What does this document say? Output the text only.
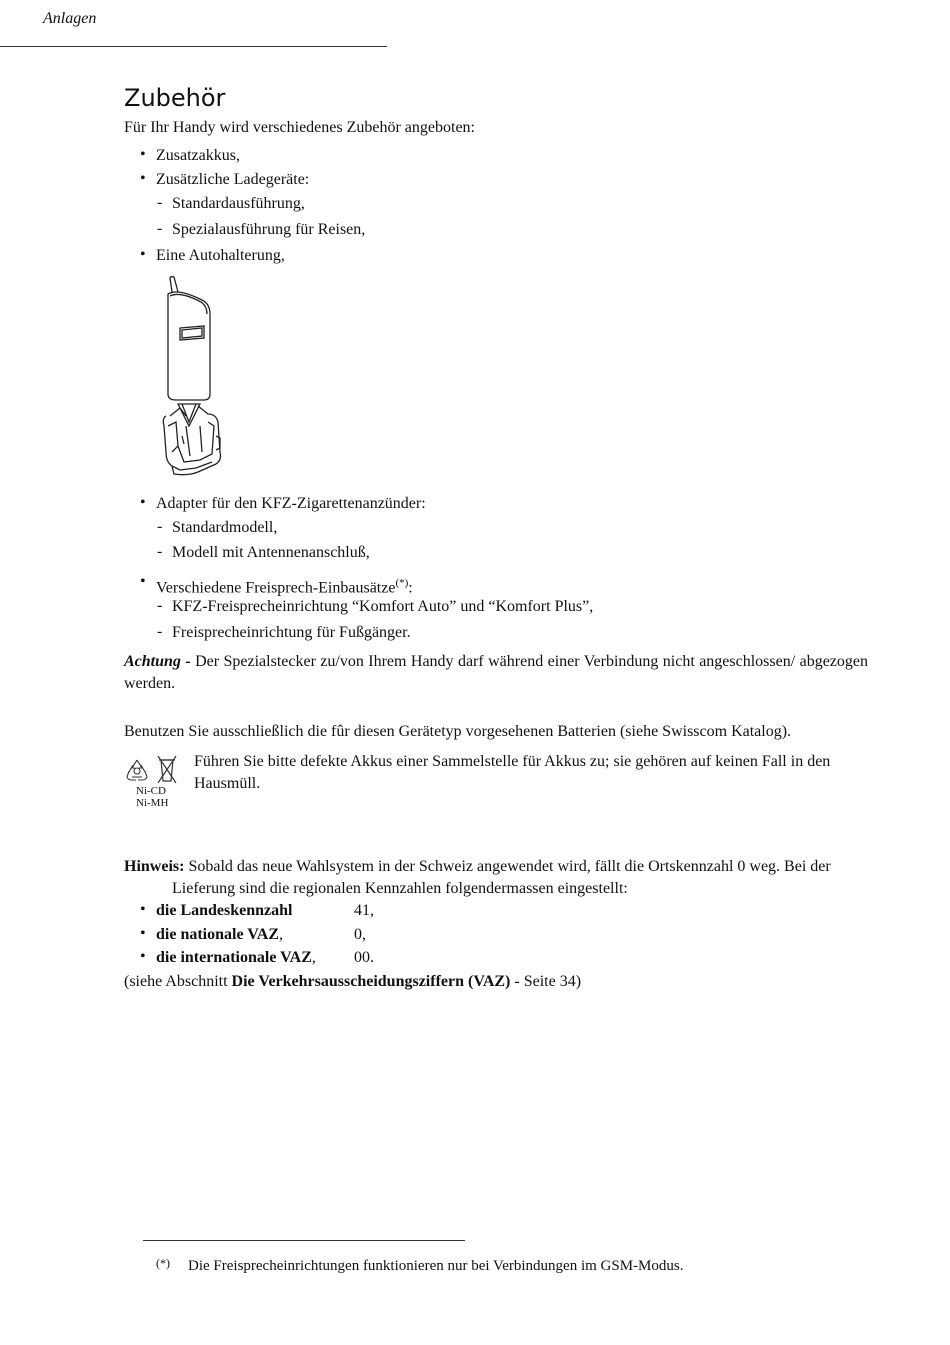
Anlagen
Zubehör
Für Ihr Handy wird verschiedenes Zubehör angeboten:
• Zusatzakkus,
• Zusätzliche Ladegeräte:
- Standardausführung,
- Spezialausführung für Reisen,
• Eine Autohalterung,
• Adapter für den KFZ-Zigarettenanzünder:
- Standardmodell,
- Modell mit Antennenanschluß,
• Verschiedene Freisprech-Einbausätze(*):
- KFZ-Freisprecheinrichtung “Komfort Auto” und “Komfort Plus”,
- Freisprecheinrichtung für Fußgänger.
Achtung - Der Spezialstecker zu/von Ihrem Handy darf während einer Verbindung nicht angeschlossen/ abgezogen werden.
Benutzen Sie ausschließlich die fûr diesen Gerätetyp vorgesehenen Batterien (siehe Swisscom Katalog).
Ni-CD
Ni-MH
Führen Sie bitte defekte Akkus einer Sammelstelle für Akkus zu; sie gehören auf keinen Fall in den Hausmüll.
Hinweis: Sobald das neue Wahlsystem in der Schweiz angewendet wird, fällt die Ortskennzahl 0 weg. Bei der
Lieferung sind die regionalen Kennzahlen folgendermassen eingestellt:
• die Landeskennzahl	41,
• die nationale VAZ,	0,
• die internationale VAZ, 00.
(siehe Abschnitt Die Verkehrsausscheidungsziffern (VAZ) - Seite 34)
(*) Die Freisprecheinrichtungen funktionieren nur bei Verbindungen im GSM-Modus.
